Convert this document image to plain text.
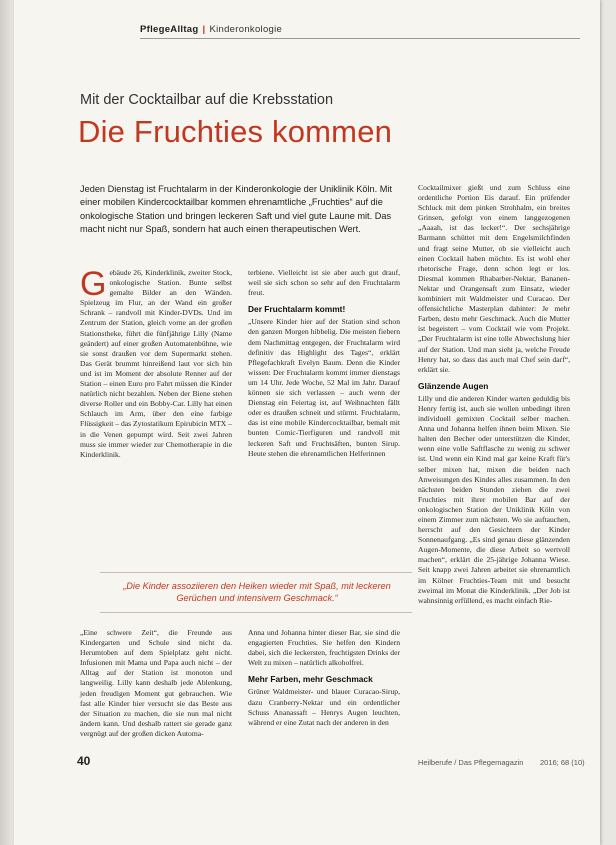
PflegeAlltag | Kinderonkologie
Mit der Cocktailbar auf die Krebsstation
Die Fruchties kommen
Jeden Dienstag ist Fruchtalarm in der Kinderonkologie der Uniklinik Köln. Mit einer mobilen Kindercocktailbar kommen ehrenamtliche „Fruchties“ auf die onkologische Station und bringen leckeren Saft und viel gute Laune mit. Das macht nicht nur Spaß, sondern hat auch einen therapeutischen Wert.

Gebäude 26, Kinderklinik, zweiter Stock, onkologische Station. Bunte selbst gemalte Bilder an den Wänden. Spielzeug im Flur, an der Wand ein großer Schrank – randvoll mit Kinder-DVDs. Und im Zentrum der Station, gleich vorne an der großen Stationstheke, führt die fünfjährige Lilly (Name geändert) auf einer großen Automatenbühne, wie sie sonst draußen vor dem Supermarkt stehen. Das Gerät brummt hinreißend laut vor sich hin und ist im Moment der absolute Renner auf der Station – einen Euro pro Fahrt müssen die Kinder natürlich nicht bezahlen. Neben der Biene stehen diverse Roller und ein Bobby-Car. Lilly hat einen Schlauch im Arm, über den eine farbige Flüssigkeit – das Zytostatikum Epirubicin MTX – in die Venen gepumpt wird. Seit zwei Jahren muss sie immer wieder zur Chemotherapie in die Kinderklinik.

terbiene. Vielleicht ist sie aber auch gut drauf, weil sie sich schon so sehr auf den Fruchtalarm freut.

Der Fruchtalarm kommt!

„Unsere Kinder hier auf der Station sind schon den ganzen Morgen hibbelig. Die meisten fiebern dem Nachmittag entgegen, der Fruchtalarm wird definitiv das Highlight des Tages“, erklärt Pflegefachkraft Evelyn Baum. Denn die Kinder wissen: Der Fruchtalarm kommt immer dienstags um 14 Uhr. Jede Woche, 52 Mal im Jahr. Darauf können sie sich verlassen – auch wenn der Dienstag ein Feiertag ist, auf Weihnachten fällt oder es draußen schneit und stürmt. Fruchtalarm, das ist eine mobile Kindercocktailbar, bemalt mit bunten Comic-Tierfiguren und randvoll mit leckeren Saft und Fruchtsäften, bunten Sirup. Heute stehen die ehrenamtlichen Helferinnen

Cocktailmixer gießt und zum Schluss eine ordentliche Portion Eis darauf. Ein prüfender Schluck mit dem pinken Strohhalm, ein breites Grinsen, gefolgt von einem langgezogenen „Aaaah, ist das lecker!“. Der sechsjährige Barmann schüttet mit dem Engelsmilchfinden und fragt seine Mutter, ob sie vielleicht auch einen Cocktail haben möchte. Es ist wohl eher rhetorische Frage, denn schon legt er los. Diesmal kommen Rhabarber-Nektar, Bananen-Nektar und Orangensaft zum Einsatz, wieder kombiniert mit Waldmeister und Curacao. Der offensichtliche Masterplan dahinter: Je mehr Farben, desto mehr Geschmack. Auch die Mutter ist begeistert – vom Cocktail wie vom Projekt. „Der Fruchtalarm ist eine tolle Abwechslung hier auf der Station. Und man sieht ja, welche Freude Henry hat, so dass das auch mal Chef sein darf“, erklärt sie.

Glänzende Augen

Lilly und die anderen Kinder warten geduldig bis Henry fertig ist, auch sie wollen unbedingt ihren individuell gemixten Cocktail selber machen. Anna und Johanna helfen ihnen beim Mixen. Sie halten den Becher oder unterstützen die Kinder, wenn eine volle Saftflasche zu wenig zu schwer ist. Und wenn ein Kind mal gar keine Kraft für's selber mixen hat, mixen die beiden nach Anweisungen des Kindes alles zusammen. In den nächsten beiden Stunden ziehen die zwei Fruchties mit ihrer mobilen Bar auf der onkologischen Station der Uniklinik Köln von einem Zimmer zum nächsten. Wo sie auftauchen, herrscht auf den Gesichtern der Kinder Sonnenaufgang. „Es sind genau diese glänzenden Augen-Momente, die diese Arbeit so wertvoll machen“, erklärt die 25-jährige Johanna Wiese. Seit knapp zwei Jahren arbeitet sie ehrenamtlich im Kölner Fruchties-Team mit und besucht zweimal im Monat die Kinderklinik. „Der Job ist wahnsinnig erfüllend, es macht einfach Rie-

„Die Kinder assoziieren den Heiken wieder mit Spaß, mit leckeren Gerüchen und intensivem Geschmack.“

„Eine schwere Zeit“, die Freunde aus Kindergarten und Schule sind nicht da. Herumtoben auf dem Spielplatz geht nicht. Infusionen mit Mama und Papa auch nicht – der Alltag auf der Station ist monoton und langweilig. Lilly kann deshalb jede Ablenkung, jeden freudigen Moment gut gebrauchen. Wie fast alle Kinder hier versucht sie das Beste aus der Situation zu machen, die sie nun mal nicht ändern kann. Und deshalb rattert sie gerade ganz vergnügt auf der großen dicken Automa-

Anna und Johanna hinter dieser Bar, sie sind die engagierten Fruchties. Sie helfen den Kindern dabei, sich die leckersten, fruchtigsten Drinks der Welt zu mixen – natürlich alkoholfrei.

Mehr Farben, mehr Geschmack

Grüner Waldmeister- und blauer Curacao-Sirup, dazu Cranberry-Nektar und ein ordentlicher Schuss Ananassaft – Henrys Augen leuchten, während er eine Zutat nach der anderen in den

40	Heilberufe / Das Pflegemagazin 2016; 68 (10)
